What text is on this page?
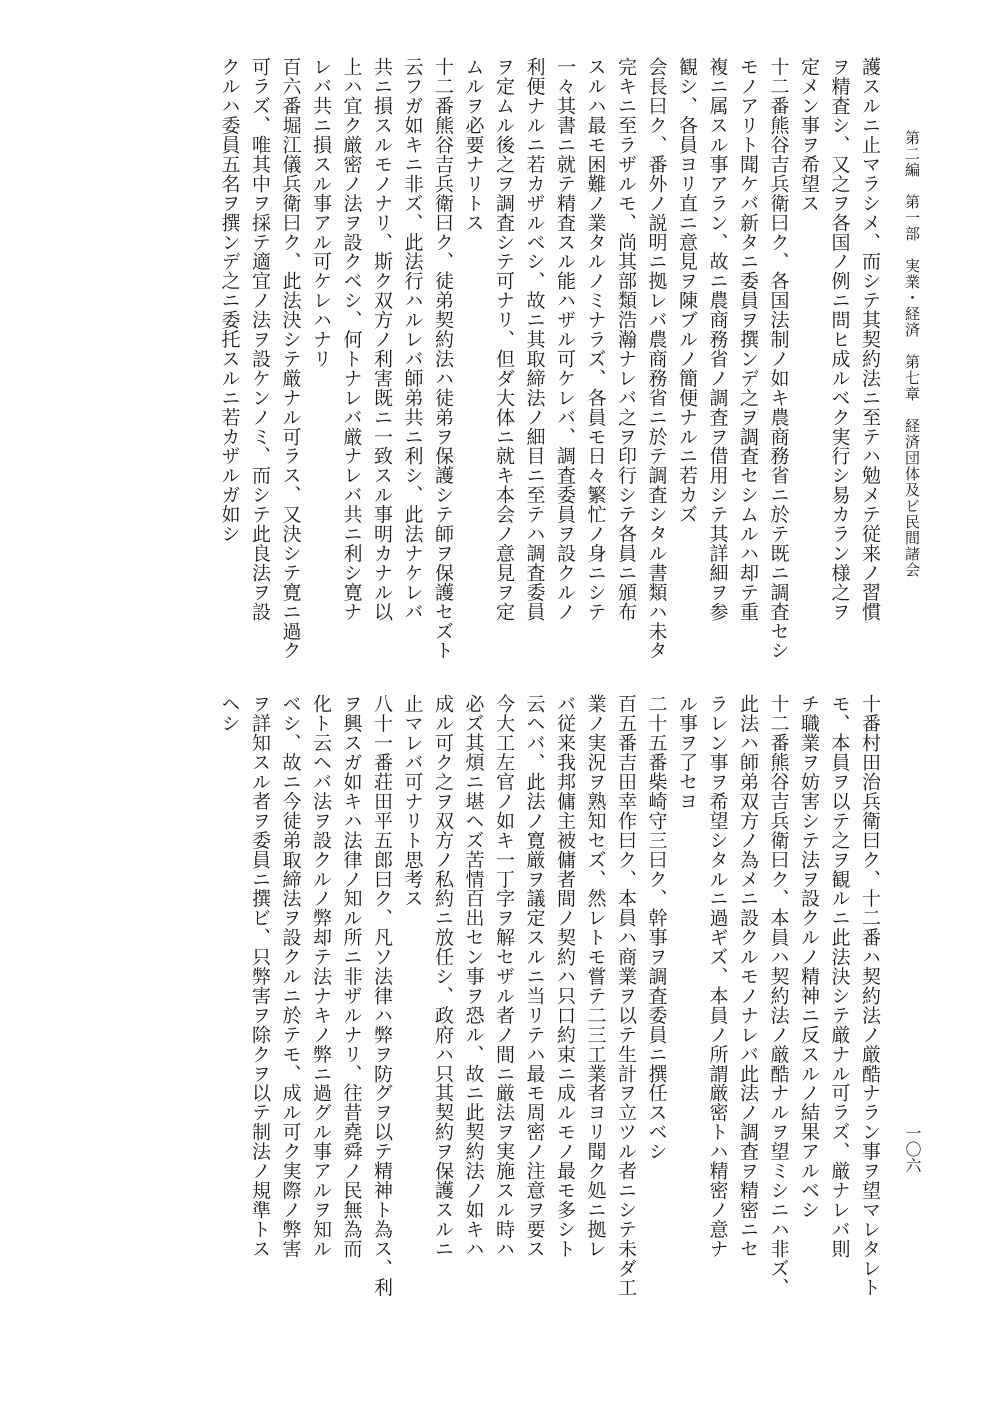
第二編　第一部　実業・経済　第七章　経済団体及ビ民間諸会
一〇六
護スルニ止マラシメ、而シテ其契約法ニ至テハ勉メテ従来ノ習慣
ヲ精査シ、又之ヲ各国ノ例ニ問ヒ成ルベク実行シ易カラン様之ヲ
定メン事ヲ希望ス
十二番熊谷吉兵衛曰ク、各国法制ノ如キ農商務省ニ於テ既ニ調査セシ
モノアリト聞ケバ新タニ委員ヲ撰ンデ之ヲ調査セシムルハ却テ重
複ニ属スル事アラン、故ニ農商務省ノ調査ヲ借用シテ其詳細ヲ参
観シ、各員ヨリ直ニ意見ヲ陳ブルノ簡便ナルニ若カズ
会長曰ク、番外ノ説明ニ拠レバ農商務省ニ於テ調査シタル書類ハ未タ
完キニ至ラザルモ、尚其部類浩瀚ナレバ之ヲ印行シテ各員ニ頒布
スルハ最モ困難ノ業タルノミナラズ、各員モ日々繁忙ノ身ニシテ
一々其書ニ就テ精査スル能ハザル可ケレバ、調査委員ヲ設クルノ
利便ナルニ若カザルベシ、故ニ其取締法ノ細目ニ至テハ調査委員
ヲ定ムル後之ヲ調査シテ可ナリ、但ダ大体ニ就キ本会ノ意見ヲ定
ムルヲ必要ナリトス
十二番熊谷吉兵衛曰ク、徒弟契約法ハ徒弟ヲ保護シテ師ヲ保護セズト
云フガ如キニ非ズ、此法行ハルレバ師弟共ニ利シ、此法ナケレバ
共ニ損スルモノナリ、斯ク双方ノ利害既ニ一致スル事明カナル以
上ハ宜ク厳密ノ法ヲ設クベシ、何トナレバ厳ナレバ共ニ利シ寛ナ
レバ共ニ損スル事アル可ケレハナリ
百六番堀江儀兵衛曰ク、此法決シテ厳ナル可ラス、又決シテ寛ニ過ク
可ラズ、唯其中ヲ採テ適宜ノ法ヲ設ケンノミ、而シテ此良法ヲ設
クルハ委員五名ヲ撰ンデ之ニ委托スルニ若カザルガ如シ
十番村田治兵衛曰ク、十二番ハ契約法ノ厳酷ナラン事ヲ望マレタレト
モ、本員ヲ以テ之ヲ観ルニ此法決シテ厳ナル可ラズ、厳ナレバ則
チ職業ヲ妨害シテ法ヲ設クルノ精神ニ反スルノ結果アルベシ
十二番熊谷吉兵衛曰ク、本員ハ契約法ノ厳酷ナルヲ望ミシニハ非ズ、
此法ハ師弟双方ノ為メニ設クルモノナレバ此法ノ調査ヲ精密ニセ
ラレン事ヲ希望シタルニ過ギズ、本員ノ所謂厳密トハ精密ノ意ナ
ル事ヲ了セヨ
二十五番柴崎守三曰ク、幹事ヲ調査委員ニ撰任スベシ
百五番吉田幸作曰ク、本員ハ商業ヲ以テ生計ヲ立ツル者ニシテ未ダ工
業ノ実況ヲ熟知セズ、然レトモ嘗テ二三工業者ヨリ聞ク処ニ拠レ
バ従来我邦傭主被傭者間ノ契約ハ只口約束ニ成ルモノ最モ多シト
云ヘバ、此法ノ寛厳ヲ議定スルニ当リテハ最モ周密ノ注意ヲ要ス
今大工左官ノ如キ一丁字ヲ解セザル者ノ間ニ厳法ヲ実施スル時ハ
必ズ其煩ニ堪ヘズ苦情百出セン事ヲ恐ル、故ニ此契約法ノ如キハ
成ル可ク之ヲ双方ノ私約ニ放任シ、政府ハ只其契約ヲ保護スルニ
止マレバ可ナリト思考ス
八十一番荘田平五郎曰ク、凡ソ法律ハ弊ヲ防グヲ以テ精神ト為ス、利
ヲ興スガ如キハ法律ノ知ル所ニ非ザルナリ、往昔堯舜ノ民無為而
化ト云ヘバ法ヲ設クルノ弊却テ法ナキノ弊ニ過グル事アルヲ知ル
ベシ、故ニ今徒弟取締法ヲ設クルニ於テモ、成ル可ク実際ノ弊害
ヲ詳知スル者ヲ委員ニ撰ビ、只弊害ヲ除クヲ以テ制法ノ規準トス
ヘシ
